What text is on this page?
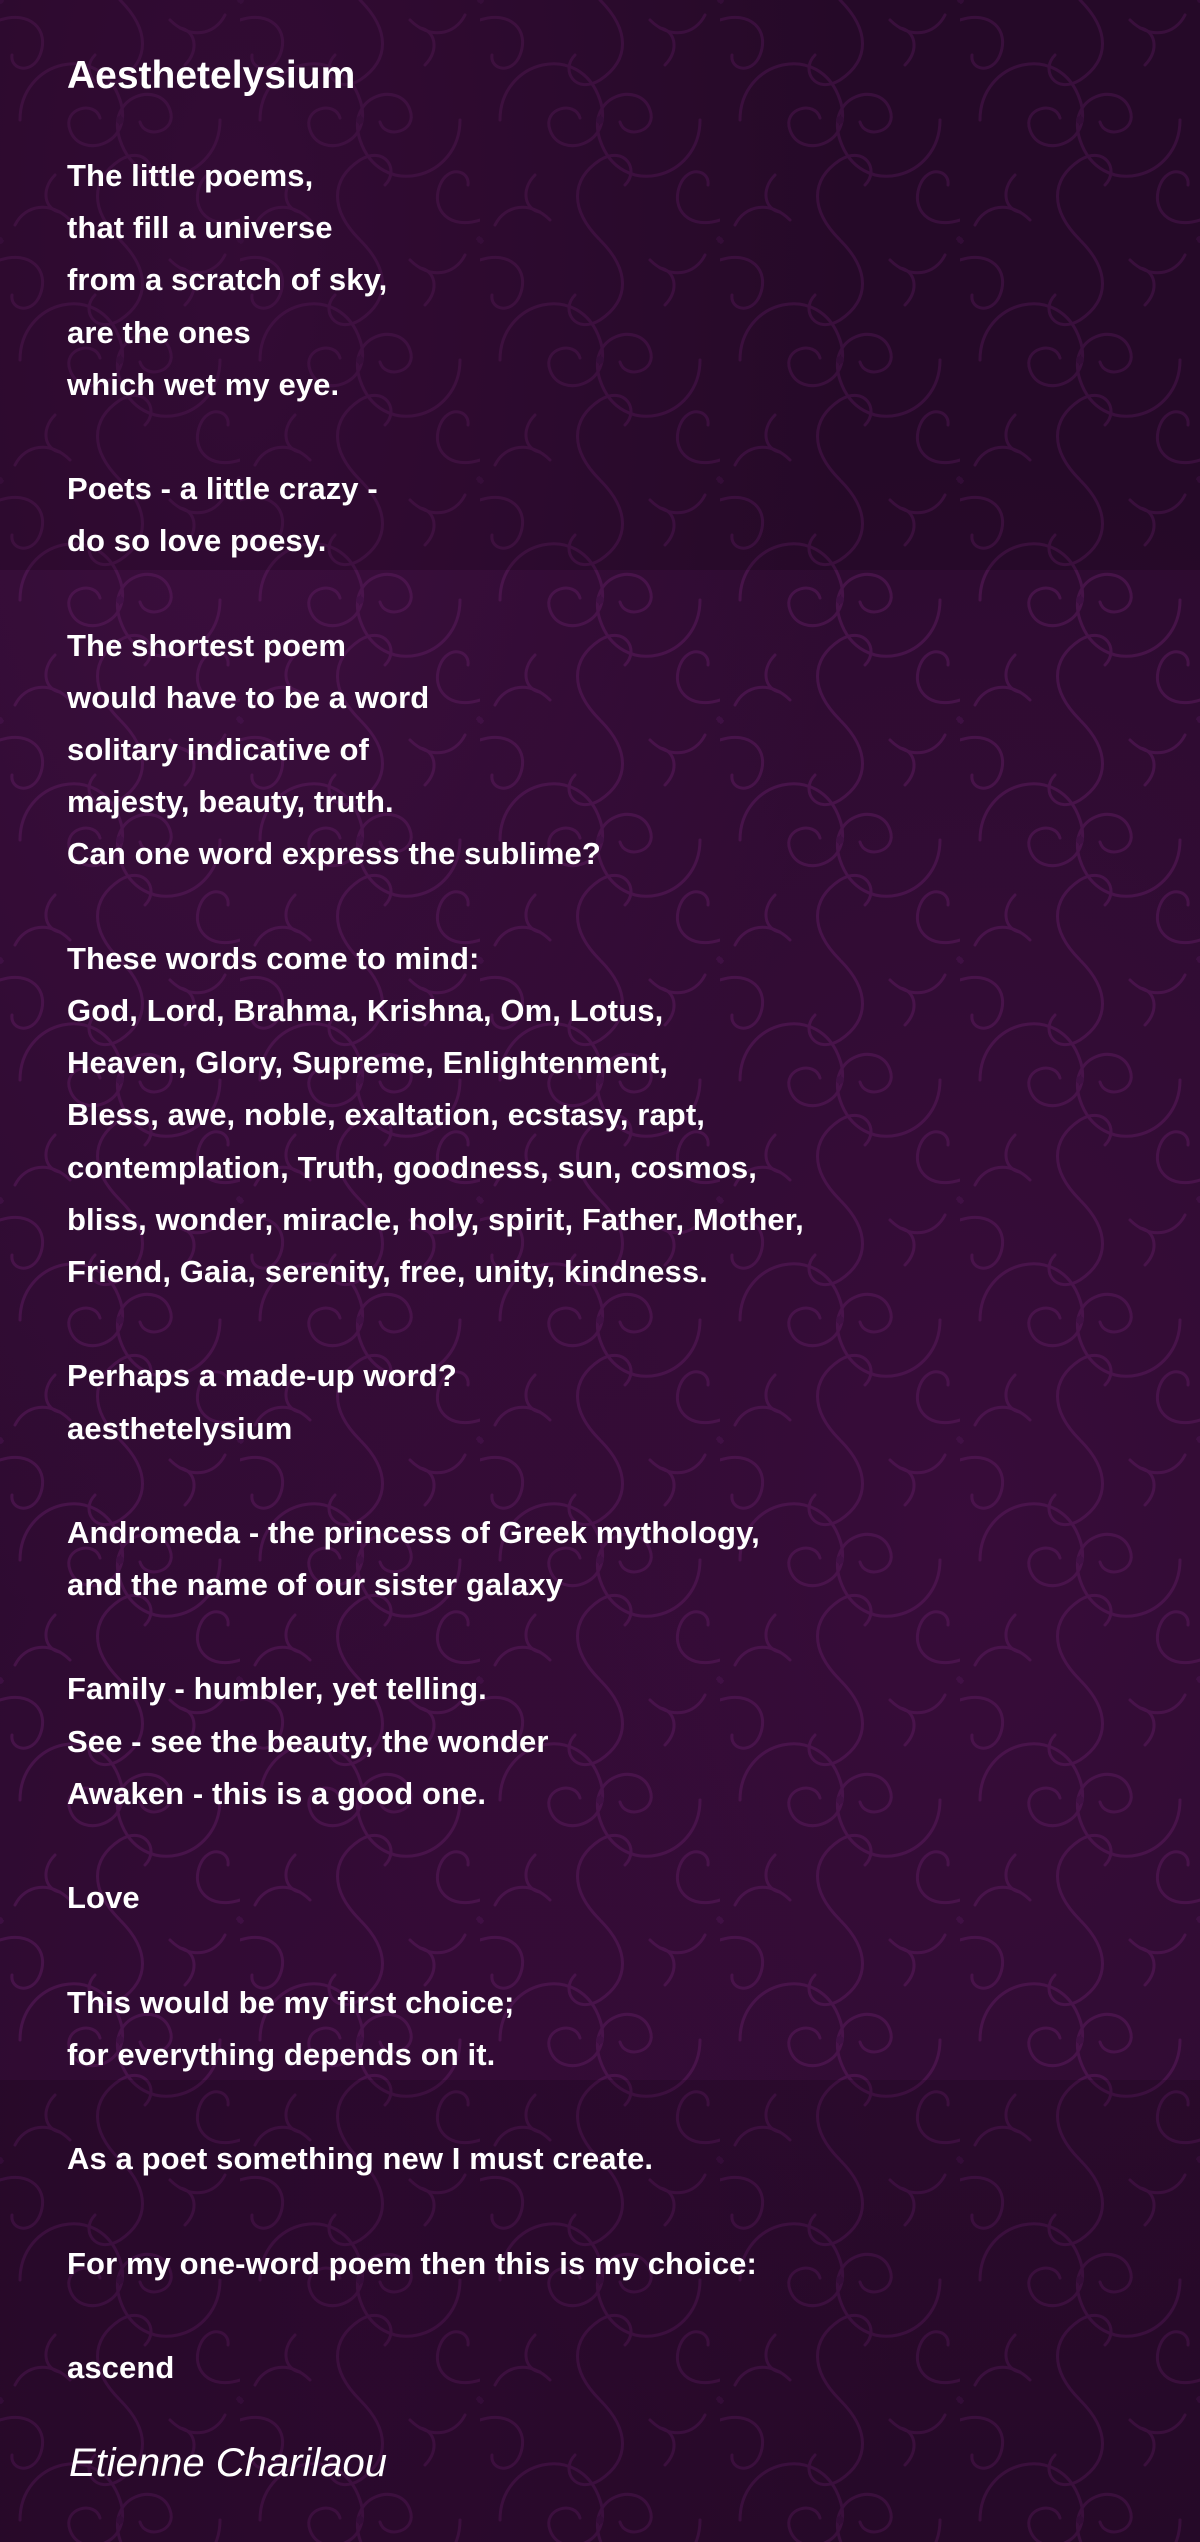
Aesthetelysium
The little poems,
that fill a universe
from a scratch of sky,
are the ones
which wet my eye.
Poets - a little crazy -
do so love poesy.
The shortest poem
would have to be a word
solitary indicative of
majesty, beauty, truth.
Can one word express the sublime?
These words come to mind:
God, Lord, Brahma, Krishna, Om, Lotus,
Heaven, Glory, Supreme, Enlightenment,
Bless, awe, noble, exaltation, ecstasy, rapt,
contemplation, Truth, goodness, sun, cosmos,
bliss, wonder, miracle, holy, spirit, Father, Mother,
Friend, Gaia, serenity, free, unity, kindness.
Perhaps a made-up word?
aesthetelysium
Andromeda - the princess of Greek mythology,
and the name of our sister galaxy
Family - humbler, yet telling.
See - see the beauty, the wonder
Awaken - this is a good one.
Love
This would be my first choice;
for everything depends on it.
As a poet something new I must create.
For my one-word poem then this is my choice:
ascend
Etienne Charilaou
